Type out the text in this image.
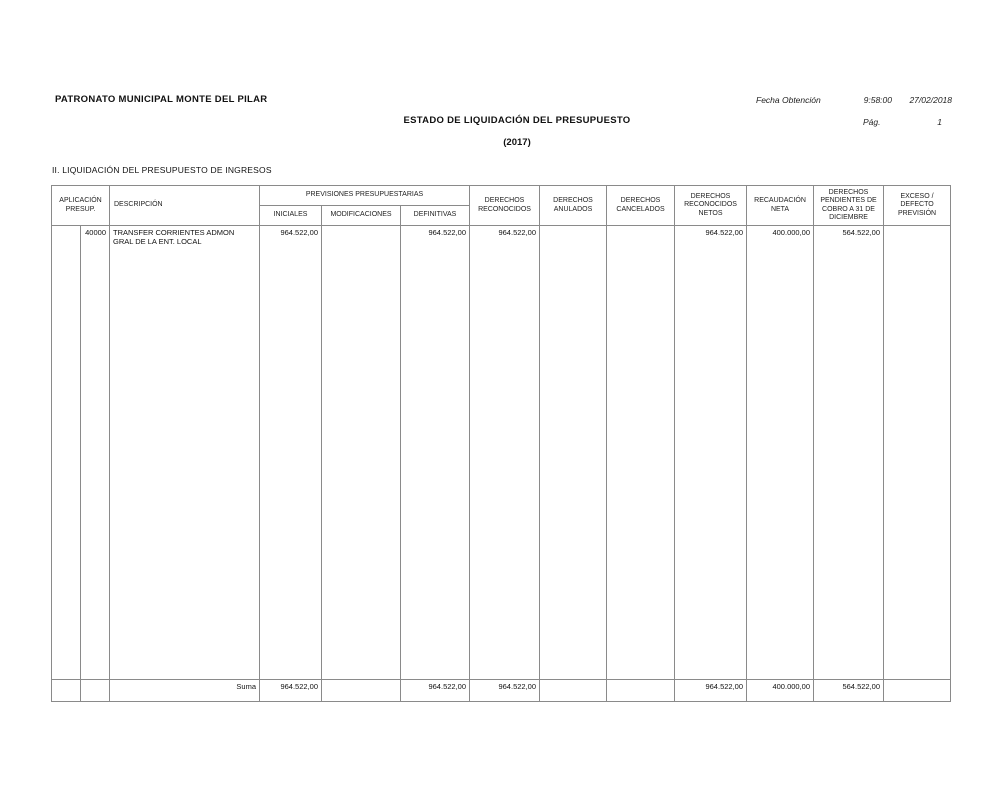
PATRONATO MUNICIPAL MONTE DEL PILAR
ESTADO DE LIQUIDACIÓN DEL PRESUPUESTO
(2017)
Fecha Obtención	9:58:00	27/02/2018
Pág.	1
II. LIQUIDACIÓN DEL PRESUPUESTO DE INGRESOS
APLICACIÓN PRESUP.		DESCRIPCIÓN	PREVISIONES PRESUPUESTARIAS			DERECHOS RECONOCIDOS	DERECHOS ANULADOS	DERECHOS CANCELADOS	DERECHOS RECONOCIDOS NETOS	RECAUDACIÓN NETA	DERECHOS PENDIENTES DE COBRO A 31 DE DICIEMBRE	EXCESO / DEFECTO PREVISIÓN
			INICIALES	MODIFICACIONES	DEFINITIVAS							
	40000	TRANSFER CORRIENTES ADMON
GRAL DE LA ENT. LOCAL	964.522,00		964.522,00	964.522,00			964.522,00	400.000,00	564.522,00	
		Suma	964.522,00		964.522,00	964.522,00			964.522,00	400.000,00	564.522,00	
